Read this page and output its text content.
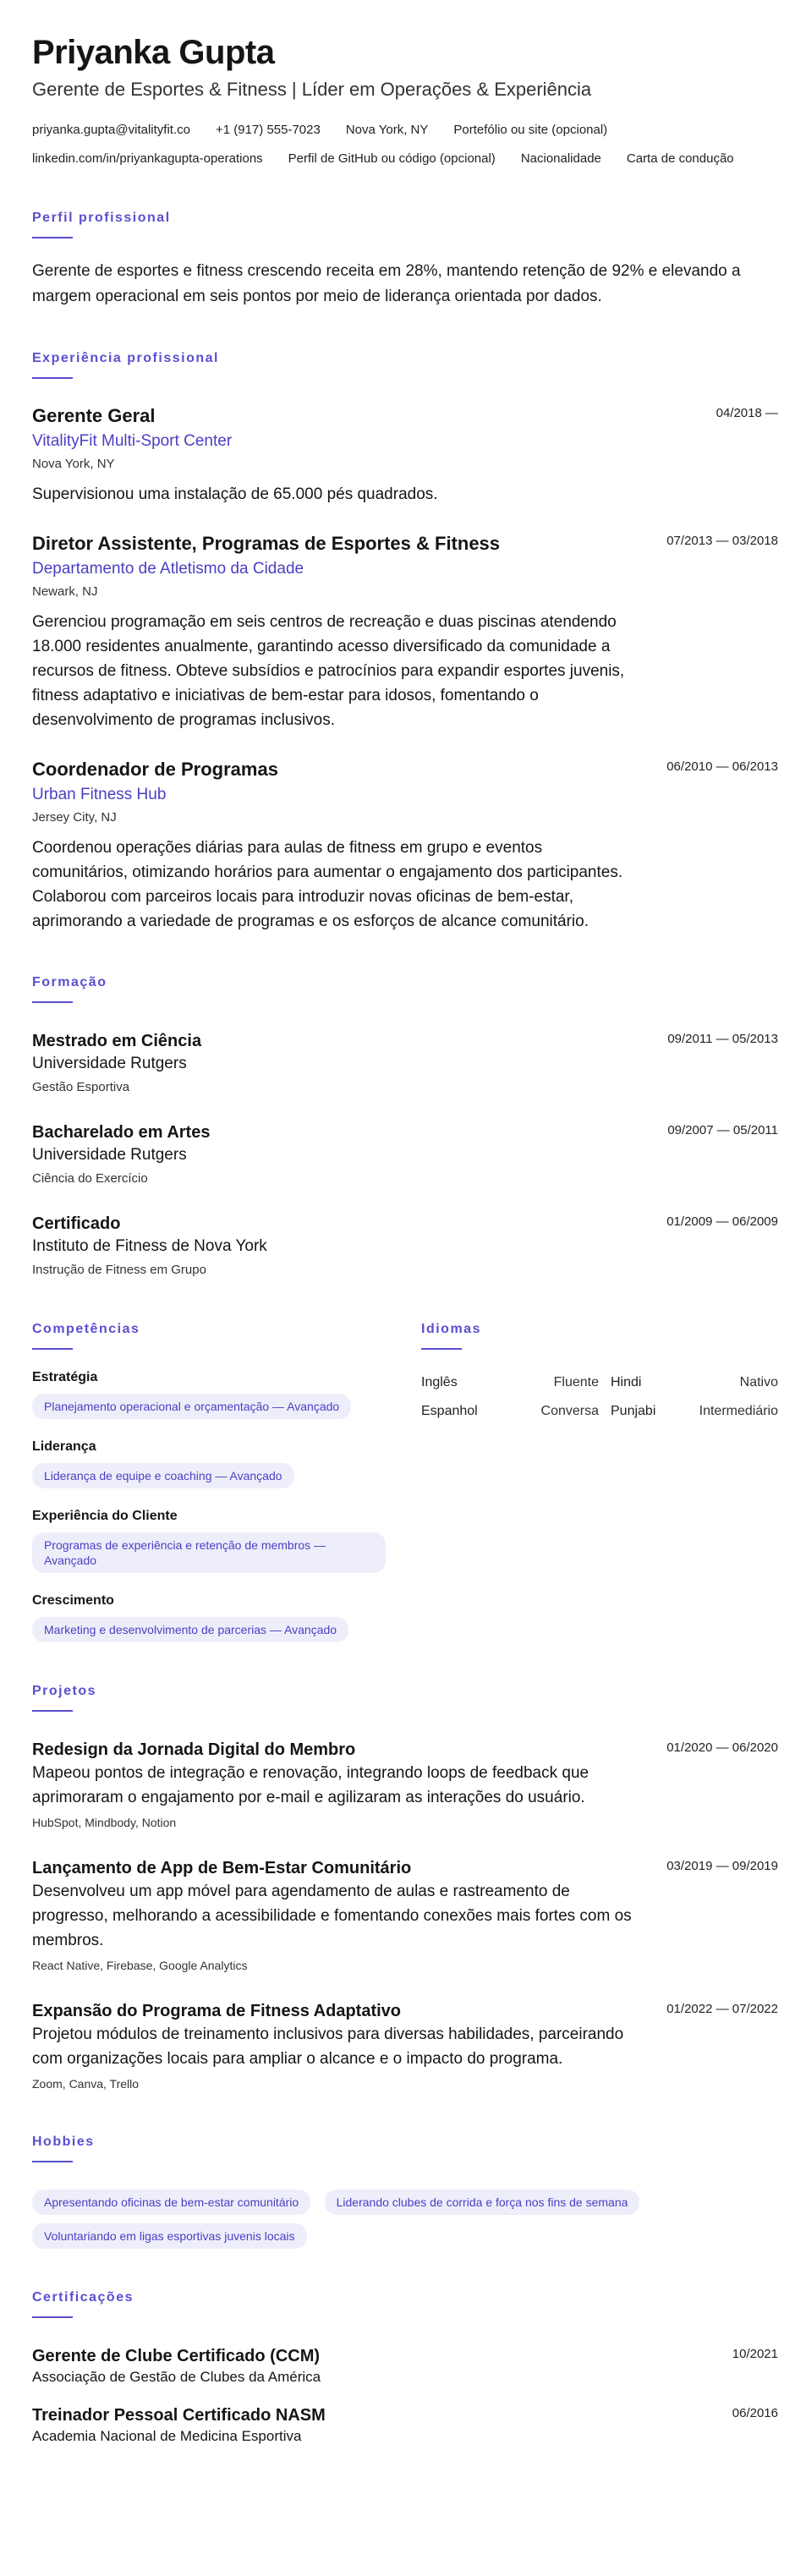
Priyanka Gupta
Gerente de Esportes & Fitness | Líder em Operações & Experiência
priyanka.gupta@vitalityfit.co +1 (917) 555-7023 Nova York, NY Portefólio ou site (opcional)
linkedin.com/in/priyankagupta-operations Perfil de GitHub ou código (opcional) Nacionalidade Carta de condução
Perfil profissional
Gerente de esportes e fitness crescendo receita em 28%, mantendo retenção de 92% e elevando a margem operacional em seis pontos por meio de liderança orientada por dados.
Experiência profissional
04/2018 —
Gerente Geral
VitalityFit Multi-Sport Center
Nova York, NY
Supervisionou uma instalação de 65.000 pés quadrados.
07/2013 — 03/2018
Diretor Assistente, Programas de Esportes & Fitness
Departamento de Atletismo da Cidade
Newark, NJ
Gerenciou programação em seis centros de recreação e duas piscinas atendendo 18.000 residentes anualmente, garantindo acesso diversificado da comunidade a recursos de fitness. Obteve subsídios e patrocínios para expandir esportes juvenis, fitness adaptativo e iniciativas de bem-estar para idosos, fomentando o desenvolvimento de programas inclusivos.
06/2010 — 06/2013
Coordenador de Programas
Urban Fitness Hub
Jersey City, NJ
Coordenou operações diárias para aulas de fitness em grupo e eventos comunitários, otimizando horários para aumentar o engajamento dos participantes. Colaborou com parceiros locais para introduzir novas oficinas de bem-estar, aprimorando a variedade de programas e os esforços de alcance comunitário.
Formação
09/2011 — 05/2013
Mestrado em Ciência
Universidade Rutgers
Gestão Esportiva
09/2007 — 05/2011
Bacharelado em Artes
Universidade Rutgers
Ciência do Exercício
01/2009 — 06/2009
Certificado
Instituto de Fitness de Nova York
Instrução de Fitness em Grupo
Competências
Estratégia
Planejamento operacional e orçamentação — Avançado
Liderança
Liderança de equipe e coaching — Avançado
Experiência do Cliente
Programas de experiência e retenção de membros — Avançado
Crescimento
Marketing e desenvolvimento de parcerias — Avançado
Idiomas
Inglês	Fluente Hindi	Nativo
Espanhol	Conversa Punjabi	Intermediário
Projetos
01/2020 — 06/2020
Redesign da Jornada Digital do Membro
Mapeou pontos de integração e renovação, integrando loops de feedback que aprimoraram o engajamento por e-mail e agilizaram as interações do usuário.
HubSpot, Mindbody, Notion
03/2019 — 09/2019
Lançamento de App de Bem-Estar Comunitário
Desenvolveu um app móvel para agendamento de aulas e rastreamento de progresso, melhorando a acessibilidade e fomentando conexões mais fortes com os membros.
React Native, Firebase, Google Analytics
01/2022 — 07/2022
Expansão do Programa de Fitness Adaptativo
Projetou módulos de treinamento inclusivos para diversas habilidades, parceirando com organizações locais para ampliar o alcance e o impacto do programa.
Zoom, Canva, Trello
Hobbies
Apresentando oficinas de bem-estar comunitário	Liderando clubes de corrida e força nos fins de semana Voluntariando em ligas esportivas juvenis locais
Certificações
10/2021
Gerente de Clube Certificado (CCM)
Associação de Gestão de Clubes da América
06/2016
Treinador Pessoal Certificado NASM
Academia Nacional de Medicina Esportiva
